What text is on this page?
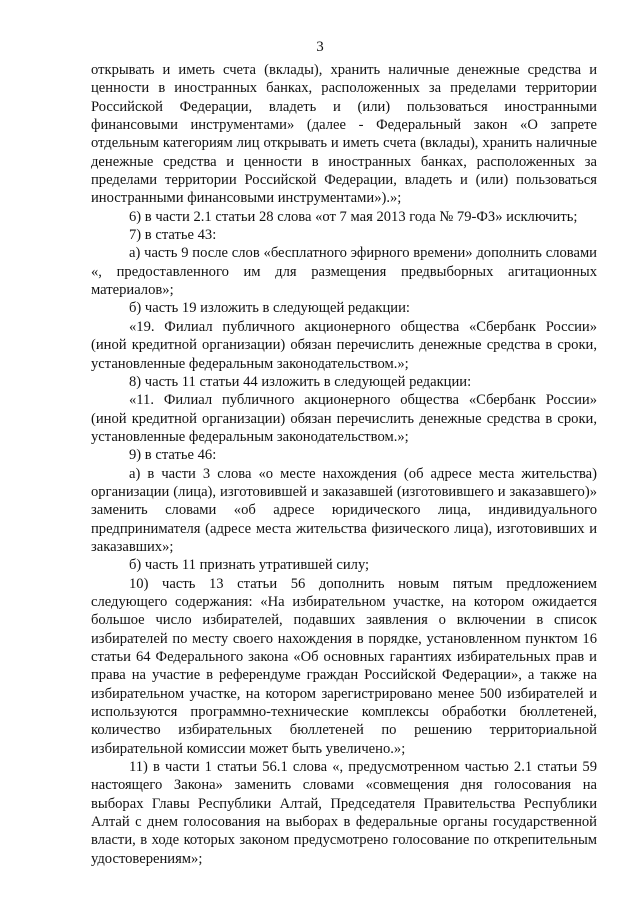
3

открывать и иметь счета (вклады), хранить наличные денежные средства и ценности в иностранных банках, расположенных за пределами территории Российской Федерации, владеть и (или) пользоваться иностранными финансовыми инструментами» (далее - Федеральный закон «О запрете отдельным категориям лиц открывать и иметь счета (вклады), хранить наличные денежные средства и ценности в иностранных банках, расположенных за пределами территории Российской Федерации, владеть и (или) пользоваться иностранными финансовыми инструментами»).»;

6) в части 2.1 статьи 28 слова «от 7 мая 2013 года № 79-ФЗ» исключить;

7) в статье 43:

а) часть 9 после слов «бесплатного эфирного времени» дополнить словами «, предоставленного им для размещения предвыборных агитационных материалов»;

б) часть 19 изложить в следующей редакции:

«19. Филиал публичного акционерного общества «Сбербанк России» (иной кредитной организации) обязан перечислить денежные средства в сроки, установленные федеральным законодательством.»;

8) часть 11 статьи 44 изложить в следующей редакции:

«11. Филиал публичного акционерного общества «Сбербанк России» (иной кредитной организации) обязан перечислить денежные средства в сроки, установленные федеральным законодательством.»;

9) в статье 46:

а) в части 3 слова «о месте нахождения (об адресе места жительства) организации (лица), изготовившей и заказавшей (изготовившего и заказавшего)» заменить словами «об адресе юридического лица, индивидуального предпринимателя (адресе места жительства физического лица), изготовивших и заказавших»;

б) часть 11 признать утратившей силу;

10) часть 13 статьи 56 дополнить новым пятым предложением следующего содержания: «На избирательном участке, на котором ожидается большое число избирателей, подавших заявления о включении в список избирателей по месту своего нахождения в порядке, установленном пунктом 16 статьи 64 Федерального закона «Об основных гарантиях избирательных прав и права на участие в референдуме граждан Российской Федерации», а также на избирательном участке, на котором зарегистрировано менее 500 избирателей и используются программно-технические комплексы обработки бюллетеней, количество избирательных бюллетеней по решению территориальной избирательной комиссии может быть увеличено.»;

11) в части 1 статьи 56.1 слова «, предусмотренном частью 2.1 статьи 59 настоящего Закона» заменить словами «совмещения дня голосования на выборах Главы Республики Алтай, Председателя Правительства Республики Алтай с днем голосования на выборах в федеральные органы государственной власти, в ходе которых законом предусмотрено голосование по открепительным удостоверениям»;
